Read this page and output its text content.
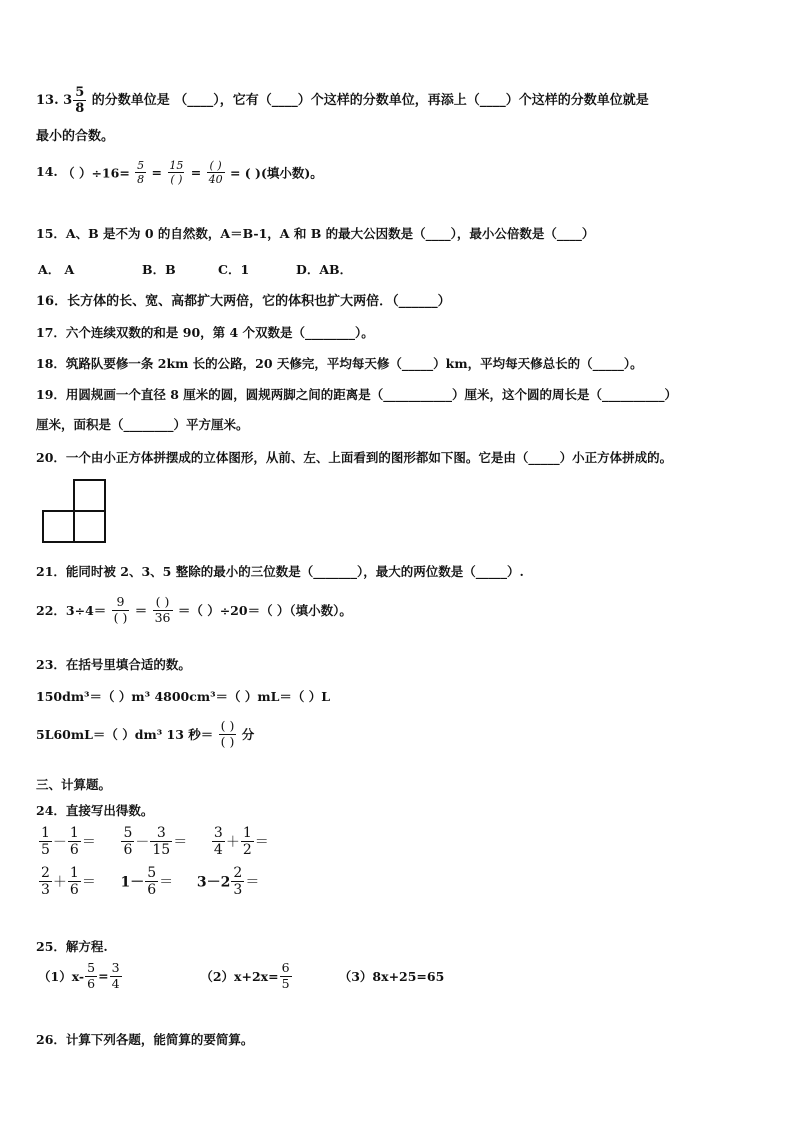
13. $3 \frac{5}{8}$ 的分数单位是 （____），它有（____）个这样的分数单位，再添上（____）个这样的分数单位就是
最小的合数。
14. （ ）$\div 16= \frac{5}{8} = \frac{15}{( )} = \frac{( )}{40}$ = ( )(填小数)。
15．A、B 是不为 0 的自然数，A＝B-1，A 和 B 的最大公因数是（____），最小公倍数是（____）
A． A	B．B	C．1	D．AB．
16．长方体的长、宽、高都扩大两倍，它的体积也扩大两倍．（______）
17．六个连续双数的和是 90，第 4 个双数是（________）。
18．筑路队要修一条 2km 长的公路，20 天修完，平均每天修（_____）km，平均每天修总长的（_____）。
19．用圆规画一个直径 8 厘米的圆，圆规两脚之间的距离是（___________）厘米，这个圆的周长是（__________）
厘米，面积是（________）平方厘米。
20．一个由小正方体拼摆成的立体图形，从前、左、上面看到的图形都如下图。它是由（_____）小正方体拼成的。
21．能同时被 2、3、5 整除的最小的三位数是（_______），最大的两位数是（_____）.
22．$3\div 4= \frac{9}{( )} = \frac{( )}{36}$ ＝（ ）÷20＝（ ）（填小数）。
23．在括号里填合适的数。
150dm³＝（ ）m³ 4800cm³＝（ ）mL＝（ ）L
5L60mL＝（ ）dm³ 13 秒＝ $\frac{( )}{( )}$ 分
三、计算题。
24．直接写出得数。
$\frac{1}{5} - \frac{1}{6} = \frac{5}{6} - \frac{3}{15} = \frac{3}{4} + \frac{1}{2}$ ＝
$\frac{2}{3} + \frac{1}{6} = 1- \frac{5}{6} = 3-2 \frac{2}{3}$ ＝
25．解方程.
$(1)x- \frac{5}{6} = \frac{3}{4}$	$(2)x+2x= \frac{6}{5}$	（3）8x+25=65
26．计算下列各题，能简算的要简算。
